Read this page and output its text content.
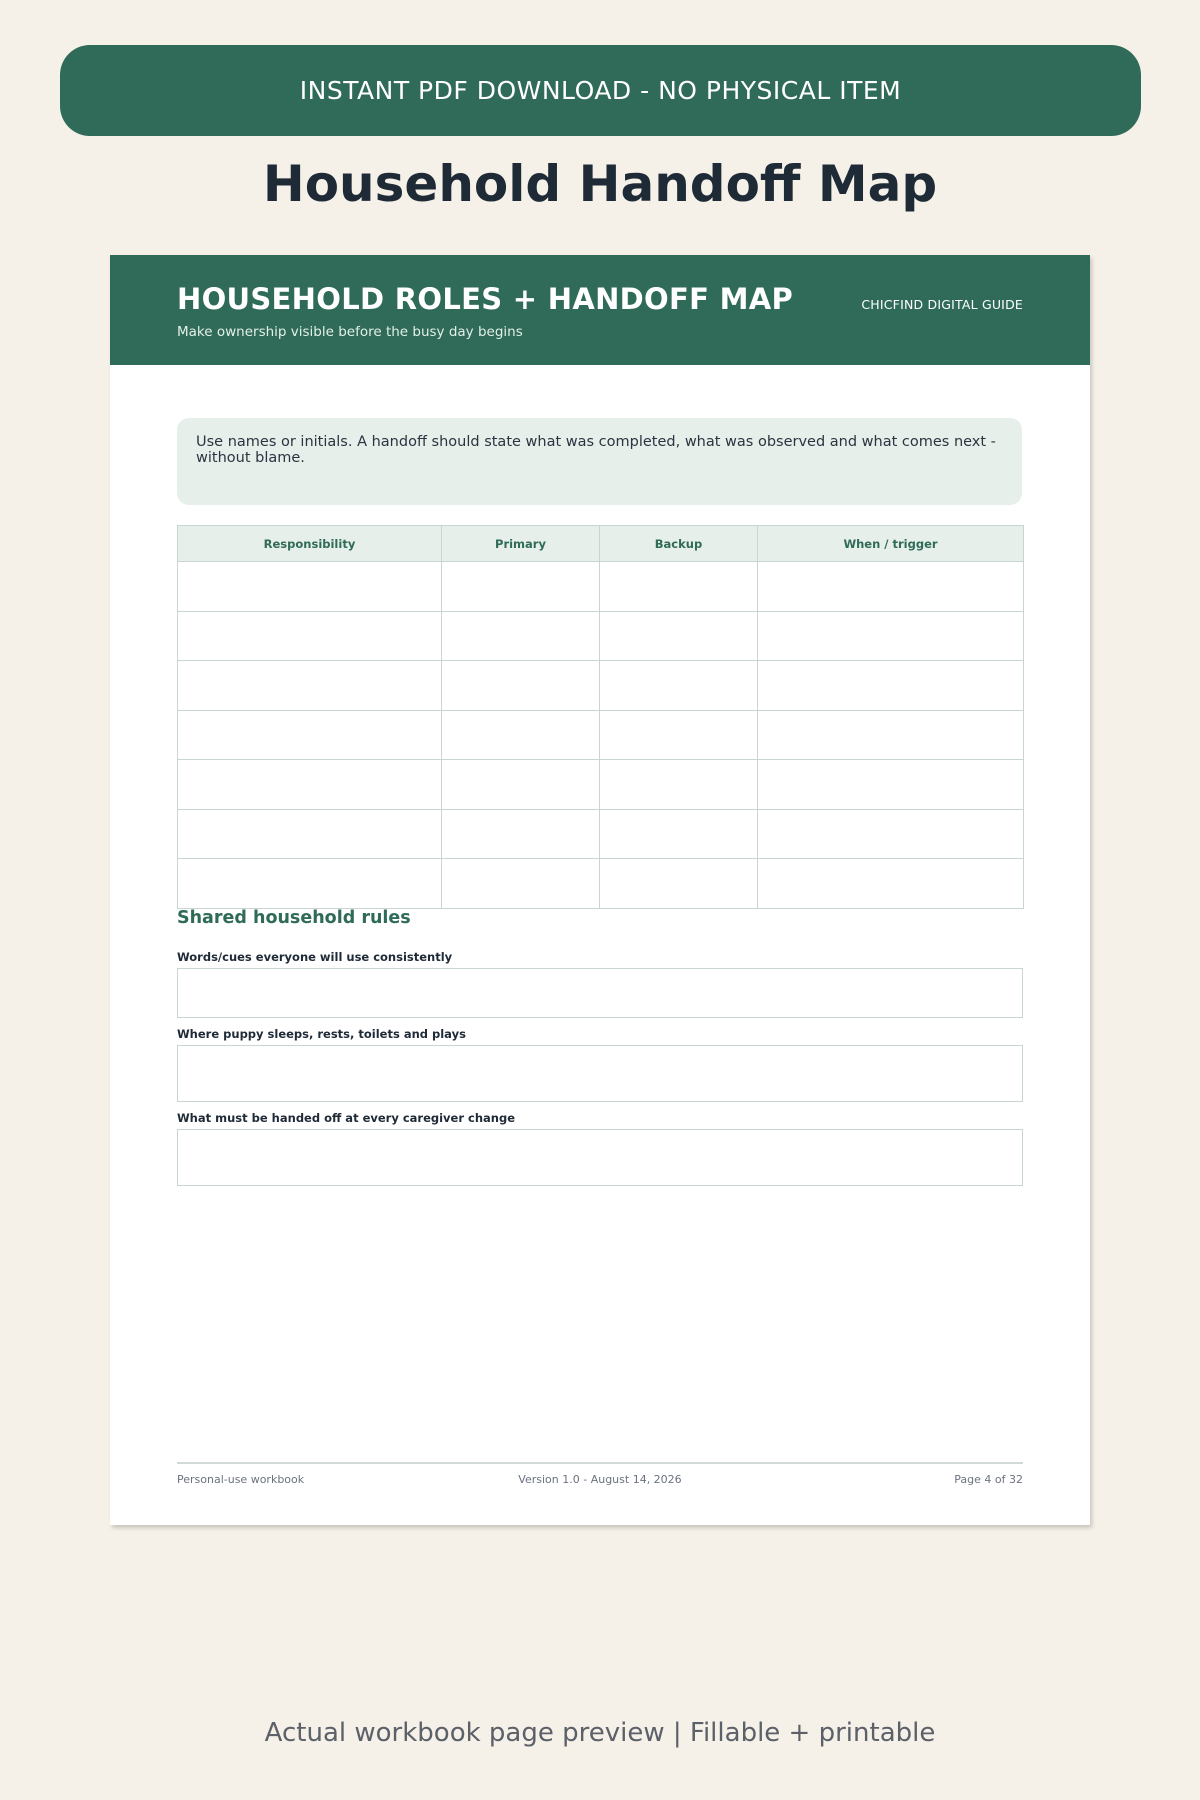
INSTANT PDF DOWNLOAD - NO PHYSICAL ITEM
Household Handoff Map
HOUSEHOLD ROLES + HANDOFF MAP
Make ownership visible before the busy day begins
CHICFIND DIGITAL GUIDE
Use names or initials. A handoff should state what was completed, what was observed and what comes next - without blame.
Responsibility	Primary	Backup	When / trigger

Shared household rules
Words/cues everyone will use consistently
Where puppy sleeps, rests, toilets and plays
What must be handed off at every caregiver change
Personal-use workbook	Version 1.0 - August 14, 2026	Page 4 of 32
Actual workbook page preview | Fillable + printable
